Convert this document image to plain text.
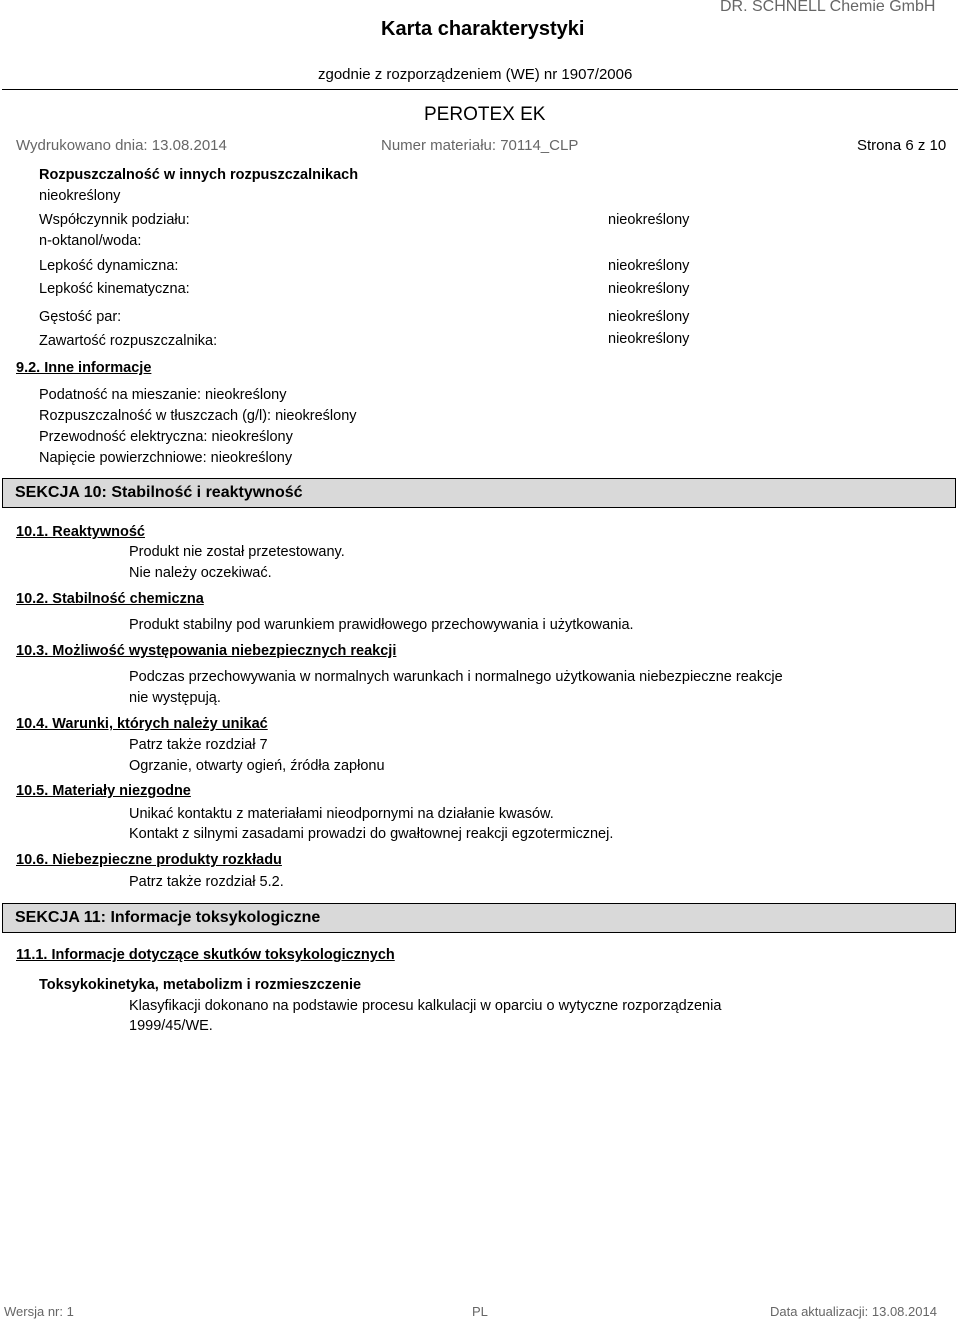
DR. SCHNELL Chemie GmbH
Karta charakterystyki
zgodnie z rozporządzeniem (WE) nr 1907/2006
PEROTEX EK
Wydrukowano dnia: 13.08.2014	Numer materiału: 70114_CLP	Strona 6 z 10
Rozpuszczalność w innych rozpuszczalnikach
nieokreślony
Współczynnik podziału:
n-oktanol/woda:
nieokreślony
Lepkość dynamiczna:	nieokreślony
Lepkość kinematyczna:	nieokreślony
Gęstość par:	nieokreślony
Zawartość rozpuszczalnika:	nieokreślony
9.2. Inne informacje
Podatność na mieszanie: nieokreślony
Rozpuszczalność w tłuszczach (g/l): nieokreślony
Przewodność elektryczna: nieokreślony
Napięcie powierzchniowe: nieokreślony
SEKCJA 10: Stabilność i reaktywność
10.1. Reaktywność
Produkt nie został przetestowany.
Nie należy oczekiwać.
10.2. Stabilność chemiczna
Produkt stabilny pod warunkiem prawidłowego przechowywania i użytkowania.
10.3. Możliwość występowania niebezpiecznych reakcji
Podczas przechowywania w normalnych warunkach i normalnego użytkowania niebezpieczne reakcje
nie występują.
10.4. Warunki, których należy unikać
Patrz także rozdział 7
Ogrzanie, otwarty ogień, źródła zapłonu
10.5. Materiały niezgodne
Unikać kontaktu z materiałami nieodpornymi na działanie kwasów.
Kontakt z silnymi zasadami prowadzi do gwałtownej reakcji egzotermicznej.
10.6. Niebezpieczne produkty rozkładu
Patrz także rozdział 5.2.
SEKCJA 11: Informacje toksykologiczne
11.1. Informacje dotyczące skutków toksykologicznych
Toksykokinetyka, metabolizm i rozmieszczenie
Klasyfikacji dokonano na podstawie procesu kalkulacji w oparciu o wytyczne rozporządzenia
1999/45/WE.
Wersja nr: 1	PL	Data aktualizacji: 13.08.2014
